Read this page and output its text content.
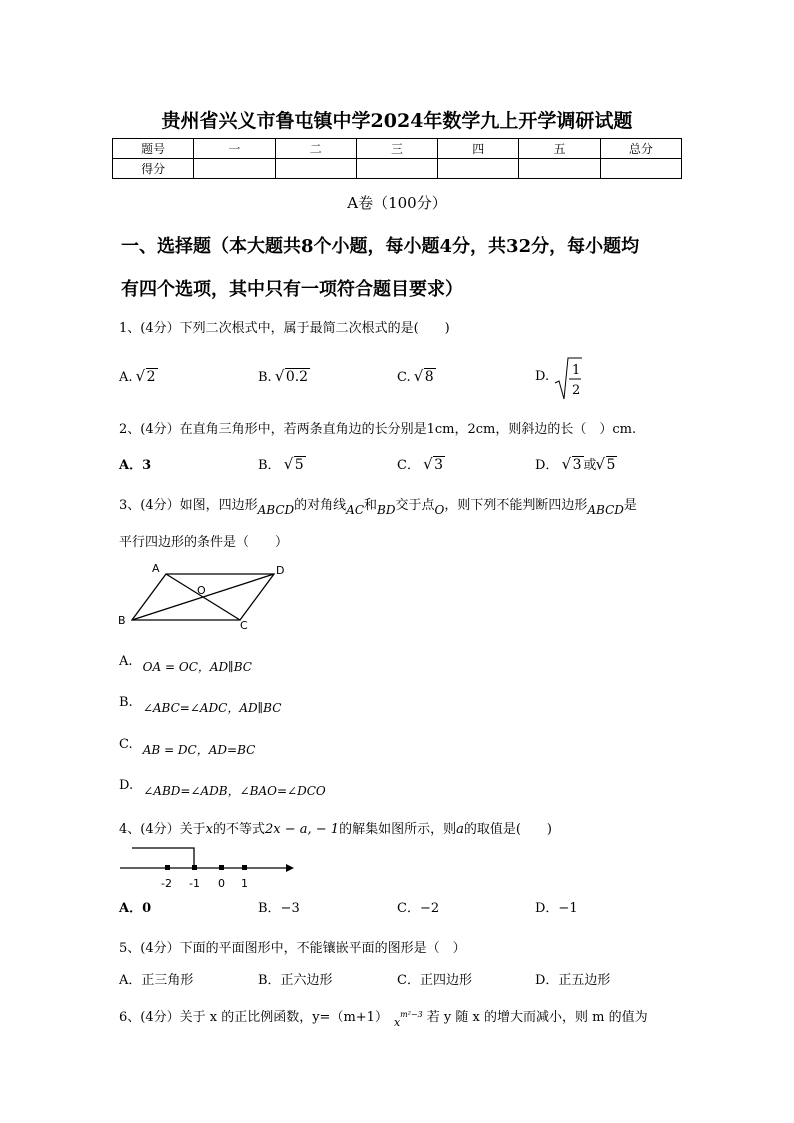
贵州省兴义市鲁屯镇中学2024年数学九上开学调研试题
题号	一	二	三	四	五	总分
得分						
A卷（100分）
一、选择题（本大题共8个小题，每小题4分，共32分，每小题均
有四个选项，其中只有一项符合题目要求）
1、(4分）下列二次根式中，属于最简二次根式的是(　　)
A. √ 2	B. √ 0.2	C. √ 8	D. 1
2
2、(4分）在直角三角形中，若两条直角边的长分别是1cm，2cm，则斜边的长（　）cm.
A．3	B． √ 5	C． √ 3	D． √ 3 或 √ 5
3、(4分）如图，四边形ABCD的对角线AC和BD交于点O，则下列不能判断四边形ABCD是
平行四边形的条件是（　　）
A	D
B	C
O
A. OA = OC，AD∥BC
B. ∠ABC=∠ADC，AD∥BC
C. AB = DC，AD=BC
D. ∠ABD=∠ADB，∠BAO=∠DCO
4、(4分）关于x的不等式2x − a, − 1的解集如图所示，则a的取值是(　　)
-2 -1 0 1
A．0	B．−3	C．−2	D．−1
5、(4分）下面的平面图形中，不能镶嵌平面的图形是（　）
A．正三角形	B．正六边形	C．正四边形	D．正五边形
6、(4分）关于 x 的正比例函数，y=（m+1） $_x^{m^2-3}$ 若 y 随 x 的增大而减小，则 m 的值为
